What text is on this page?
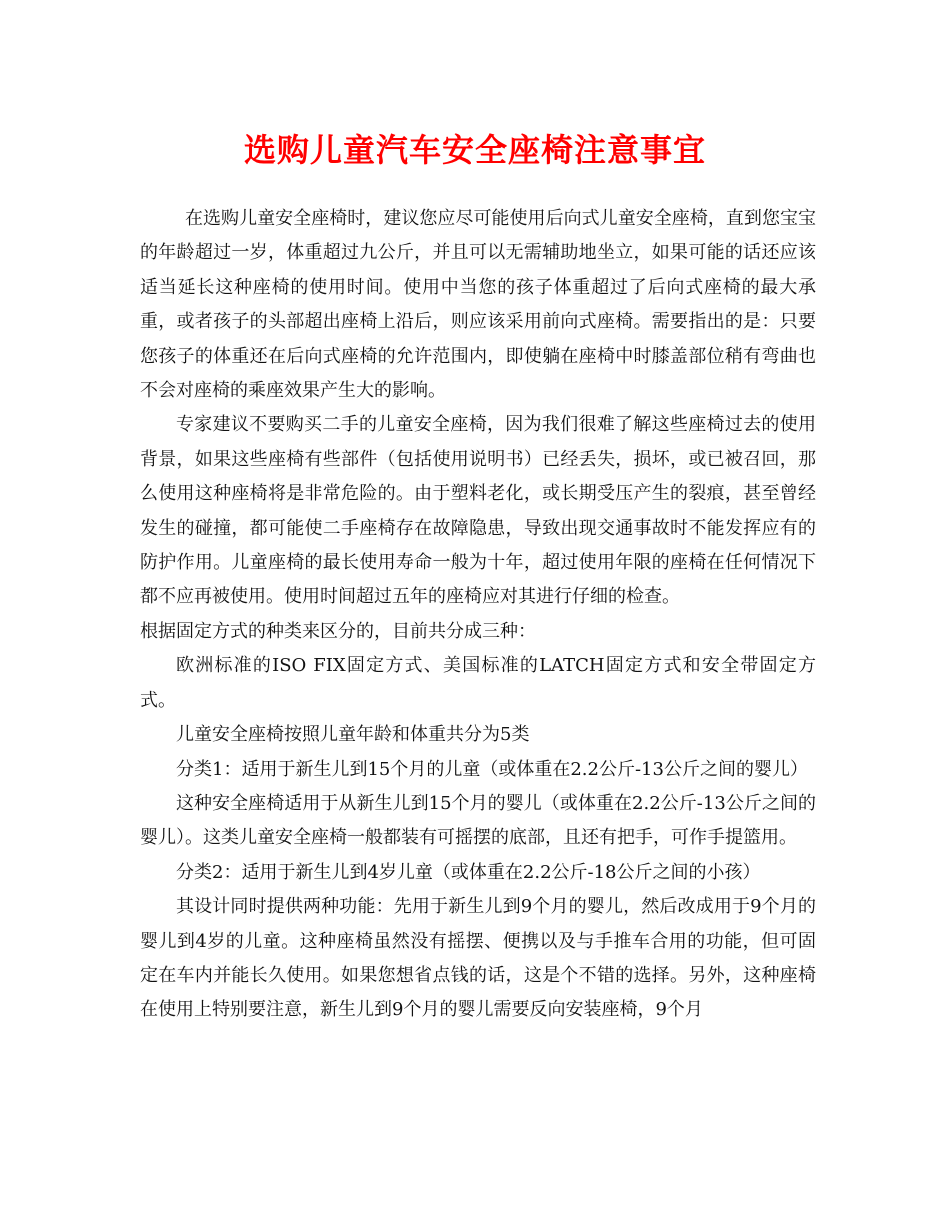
选购儿童汽车安全座椅注意事宜

在选购儿童安全座椅时，建议您应尽可能使用后向式儿童安全座椅，直到您宝宝的年龄超过一岁，体重超过九公斤，并且可以无需辅助地坐立，如果可能的话还应该适当延长这种座椅的使用时间。使用中当您的孩子体重超过了后向式座椅的最大承重，或者孩子的头部超出座椅上沿后，则应该采用前向式座椅。需要指出的是：只要您孩子的体重还在后向式座椅的允许范围内，即使躺在座椅中时膝盖部位稍有弯曲也不会对座椅的乘座效果产生大的影响。

专家建议不要购买二手的儿童安全座椅，因为我们很难了解这些座椅过去的使用背景，如果这些座椅有些部件（包括使用说明书）已经丢失，损坏，或已被召回，那么使用这种座椅将是非常危险的。由于塑料老化，或长期受压产生的裂痕，甚至曾经发生的碰撞，都可能使二手座椅存在故障隐患，导致出现交通事故时不能发挥应有的防护作用。儿童座椅的最长使用寿命一般为十年，超过使用年限的座椅在任何情况下都不应再被使用。使用时间超过五年的座椅应对其进行仔细的检查。

根据固定方式的种类来区分的，目前共分成三种：

欧洲标准的ISO FIX固定方式、美国标准的LATCH固定方式和安全带固定方式。

儿童安全座椅按照儿童年龄和体重共分为5类

分类1：适用于新生儿到15个月的儿童（或体重在2.2公斤-13公斤之间的婴儿）

这种安全座椅适用于从新生儿到15个月的婴儿（或体重在2.2公斤-13公斤之间的婴儿）。这类儿童安全座椅一般都装有可摇摆的底部，且还有把手，可作手提篮用。

分类2：适用于新生儿到4岁儿童（或体重在2.2公斤-18公斤之间的小孩）

其设计同时提供两种功能：先用于新生儿到9个月的婴儿，然后改成用于9个月的婴儿到4岁的儿童。这种座椅虽然没有摇摆、便携以及与手推车合用的功能，但可固定在车内并能长久使用。如果您想省点钱的话，这是个不错的选择。另外，这种座椅在使用上特别要注意，新生儿到9个月的婴儿需要反向安装座椅，9个月
